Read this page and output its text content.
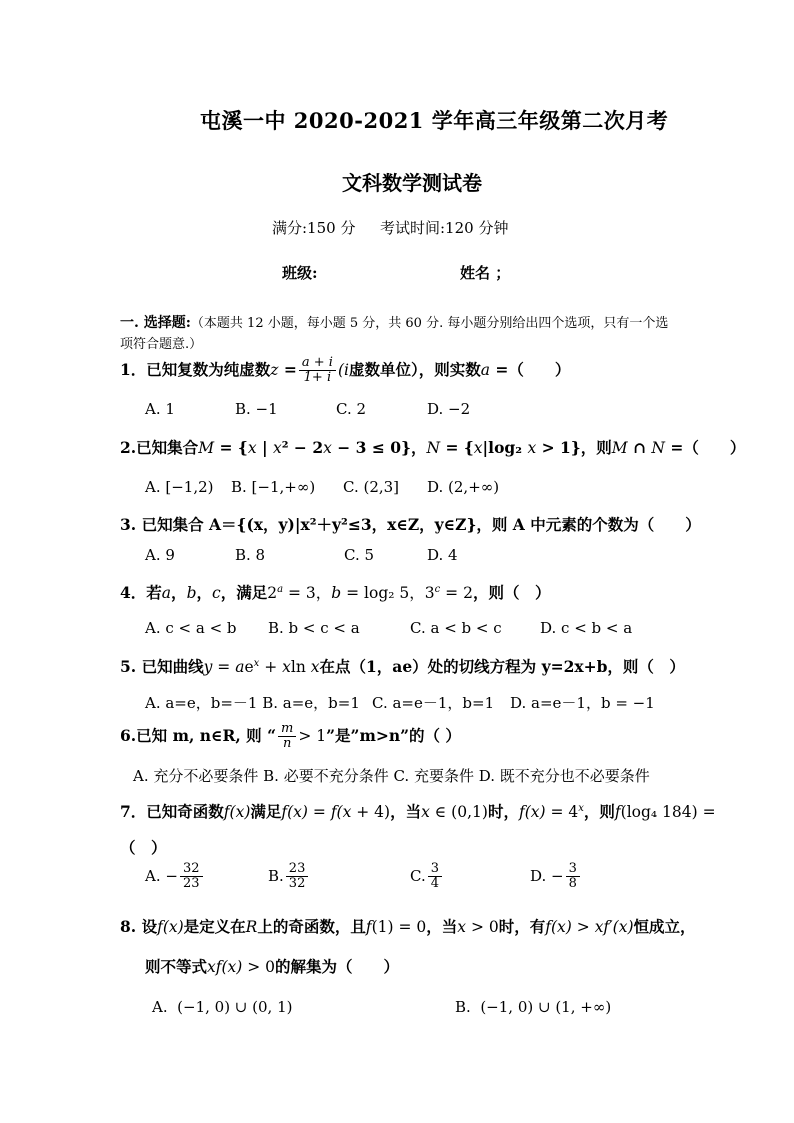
屯溪一中 2020-2021 学年高三年级第二次月考
文科数学测试卷
满分:150 分 考试时间:120 分钟
班级:	姓名 ；
一. 选择题:（本题共 12 小题，每小题 5 分，共 60 分. 每小题分别给出四个选项，只有一个选
项符合题意.）
1．已知复数为纯虚数$z = \frac{a + i}{1+ i} (i$虚数单位），则实数a =（　　）
A. 1	B. −1	C. 2	D. −2
2.已知集合M = {x | x² − 2x − 3 ≤ 0}，N = {x|log₂ x > 1}，则M ∩ N =（　　）
A. [−1,2) B. [−1,+∞) C. (2,3] D. (2,+∞)
3. 已知集合 A＝{(x，y)|x²＋y²≤3，x∈Z，y∈Z}，则 A 中元素的个数为（　　）
A. 9	B. 8	C. 5	D. 4
4．若a，b，c，满足$2^a = 3$，b = log₂ 5，$3^c = 2$，则（　）
A. c < a < b B. b < c < a	C. a < b < c	D. c < b < a
5. 已知曲线$y = ae^x + xln$ x在点（1，ae）处的切线方程为 y=2x+b，则（　）
A. a=e，b=－1 B. a=e，b=1 C. a=e－1，b=1 D. a=e－1，b = −1
6.已知 m, n∈R, 则 “ $\frac{m}{n} > 1$”是”m>n”的（ ）
A. 充分不必要条件 B. 必要不充分条件 C. 充要条件 D. 既不充分也不必要条件
7．已知奇函数f(x)满足f(x) = f(x + 4)，当x ∈ (0,1)时，$f(x) = 4^x$，则f(log₄ 184) =
（　）
A. − $\frac{32}{23}$	B. $\frac{23}{32}$	C. $\frac{3}{4}$	D. − $\frac{3}{8}$
8. 设f(x)是定义在R上的奇函数，且f(1) = 0，当x > 0时，有f(x) > xf′(x)恒成立，
则不等式xf(x) > 0的解集为（　　）
A.  (−1, 0) ∪ (0, 1)	B.  (−1, 0) ∪ (1, +∞)
